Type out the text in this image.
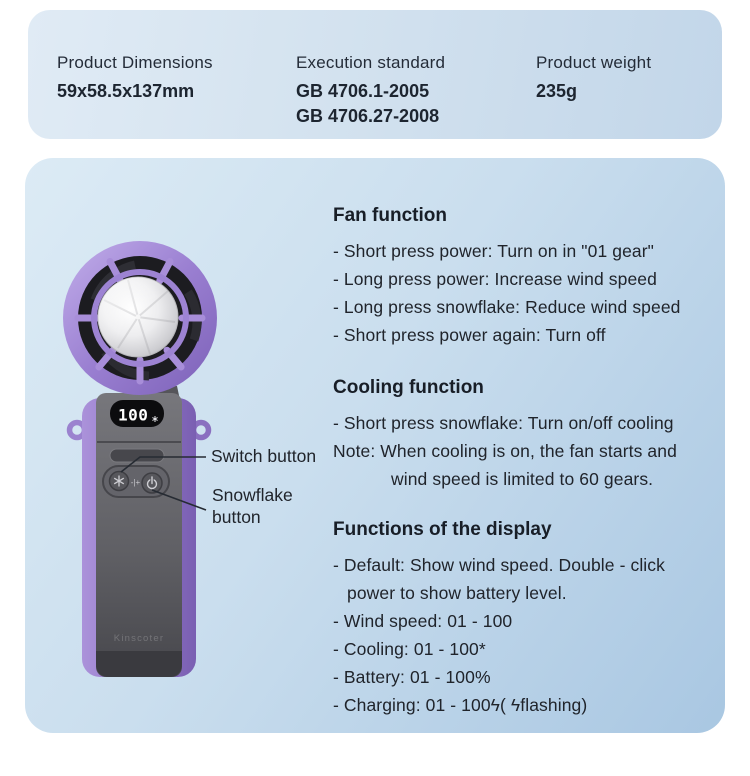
Product Dimensions
59x58.5x137mm
Execution standard
GB 4706.1-2005
GB 4706.27-2008
Product weight
235g
Kinscoter
100
-|+
Switch button
Snowflake
button
Fan function
- Short press power: Turn on in "01 gear"
- Long press power: Increase wind speed
- Long press snowflake: Reduce wind speed
- Short press power again: Turn off
Cooling function
- Short press snowflake: Turn on/off cooling
Note: When cooling is on, the fan starts and
wind speed is limited to 60 gears.
Functions of the display
- Default: Show wind speed. Double - click
power to show battery level.
- Wind speed: 01 - 100
- Cooling: 01 - 100*
- Battery: 01 - 100%
- Charging: 01 - 100ϟ( ϟflashing)
